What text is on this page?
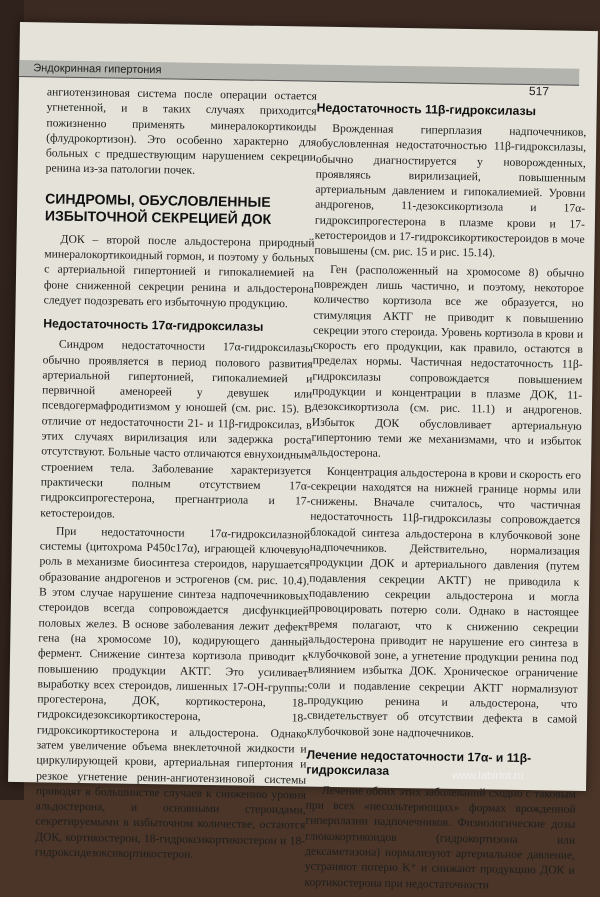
Эндокринная гипертония
517

ангиотензиновая система после операции остается угнетенной, и в таких случаях приходится пожизненно применять минералокортикоиды (флудрокортизон). Это особенно характерно для больных с предшествующим нарушением секреции ренина из-за патологии почек.

СИНДРОМЫ, ОБУСЛОВЛЕННЫЕ ИЗБЫТОЧНОЙ СЕКРЕЦИЕЙ ДОК

ДОК – второй после альдостерона природный минералокортикоидный гормон, и поэтому у больных с артериальной гипертонией и гипокалиемией на фоне сниженной секреции ренина и альдостерона следует подозревать его избыточную продукцию.

Недостаточность 17α-гидроксилазы

Синдром недостаточности 17α-гидроксилазы обычно проявляется в период полового развития артериальной гипертонией, гипокалиемией и первичной аменореей у девушек или псевдогермафродитизмом у юношей (см. рис. 15). В отличие от недостаточности 21- и 11β-гидроксилаз, в этих случаях вирилизация или задержка роста отсутствуют. Больные часто отличаются евнухоидным строением тела. Заболевание характеризуется практически полным отсутствием 17α-гидроксипрогестерона, прегнантриола и 17-кетостероидов.

При недостаточности 17α-гидроксилазной системы (цитохрома P450c17α), играющей ключевую роль в механизме биосинтеза стероидов, нарушается образование андрогенов и эстрогенов (см. рис. 10.4). В этом случае нарушение синтеза надпочечниковых стероидов всегда сопровождается дисфункцией половых желез. В основе заболевания лежит дефект гена (на хромосоме 10), кодирующего данный фермент. Снижение синтеза кортизола приводит к повышению продукции АКТГ. Это усиливает выработку всех стероидов, лишенных 17-OH-группы: прогестерона, ДОК, кортикостерона, 18-гидроксидезоксикортикостерона, 18-гидроксикортикостерона и альдостерона. Однако затем увеличение объема внеклеточной жидкости и циркулирующей крови, артериальная гипертония и резкое угнетение ренин-ангиотензиновой системы приводят в большинстве случаев к снижению уровня альдостерона, и основными стероидами, секретируемыми в избыточном количестве, остаются ДОК, кортикостерон, 18-гидроксикортикостерон и 18-гидроксидезоксикортикостерон.

Недостаточность 11β-гидроксилазы

Врожденная гиперплазия надпочечников, обусловленная недостаточностью 11β-гидроксилазы, обычно диагностируется у новорожденных, проявляясь вирилизацией, повышенным артериальным давлением и гипокалиемией. Уровни андрогенов, 11-дезоксикортизола и 17α-гидроксипрогестерона в плазме крови и 17-кетостероидов и 17-гидроксикортикостероидов в моче повышены (см. рис. 15 и рис. 15.14).

Ген (расположенный на хромосоме 8) обычно поврежден лишь частично, и поэтому, некоторое количество кортизола все же образуется, но стимуляция АКТГ не приводит к повышению секреции этого стероида. Уровень кортизола в крови и скорость его продукции, как правило, остаются в пределах нормы. Частичная недостаточность 11β-гидроксилазы сопровождается повышением продукции и концентрации в плазме ДОК, 11-дезоксикортизола (см. рис. 11.1) и андрогенов. Избыток ДОК обусловливает артериальную гипертонию теми же механизмами, что и избыток альдостерона.

Концентрация альдостерона в крови и скорость его секреции находятся на нижней границе нормы или снижены. Вначале считалось, что частичная недостаточность 11β-гидроксилазы сопровождается блокадой синтеза альдостерона в клубочковой зоне надпочечников. Действительно, нормализация продукции ДОК и артериального давления (путем подавления секреции АКТГ) не приводила к подавлению секреции альдостерона и могла провоцировать потерю соли. Однако в настоящее время полагают, что к снижению секреции альдостерона приводит не нарушение его синтеза в клубочковой зоне, а угнетение продукции ренина под влиянием избытка ДОК. Хроническое ограничение соли и подавление секреции АКТГ нормализуют продукцию ренина и альдостерона, что свидетельствует об отсутствии дефекта в самой клубочковой зоне надпочечников.

Лечение недостаточности 17α- и 11β-гидроксилаза

Лечение обоих этих заболеваний сходно с таковым при всех «несольтеряющих» формах врожденной гиперплазии надпочечников. Физиологические дозы глюкокортикоидов (гидрокортизона или дексаметазона) нормализуют артериальное давление, устраняют потерю K⁺ и снижают продукцию ДОК и кортикостерона при недостаточности

www.labirint.ru
